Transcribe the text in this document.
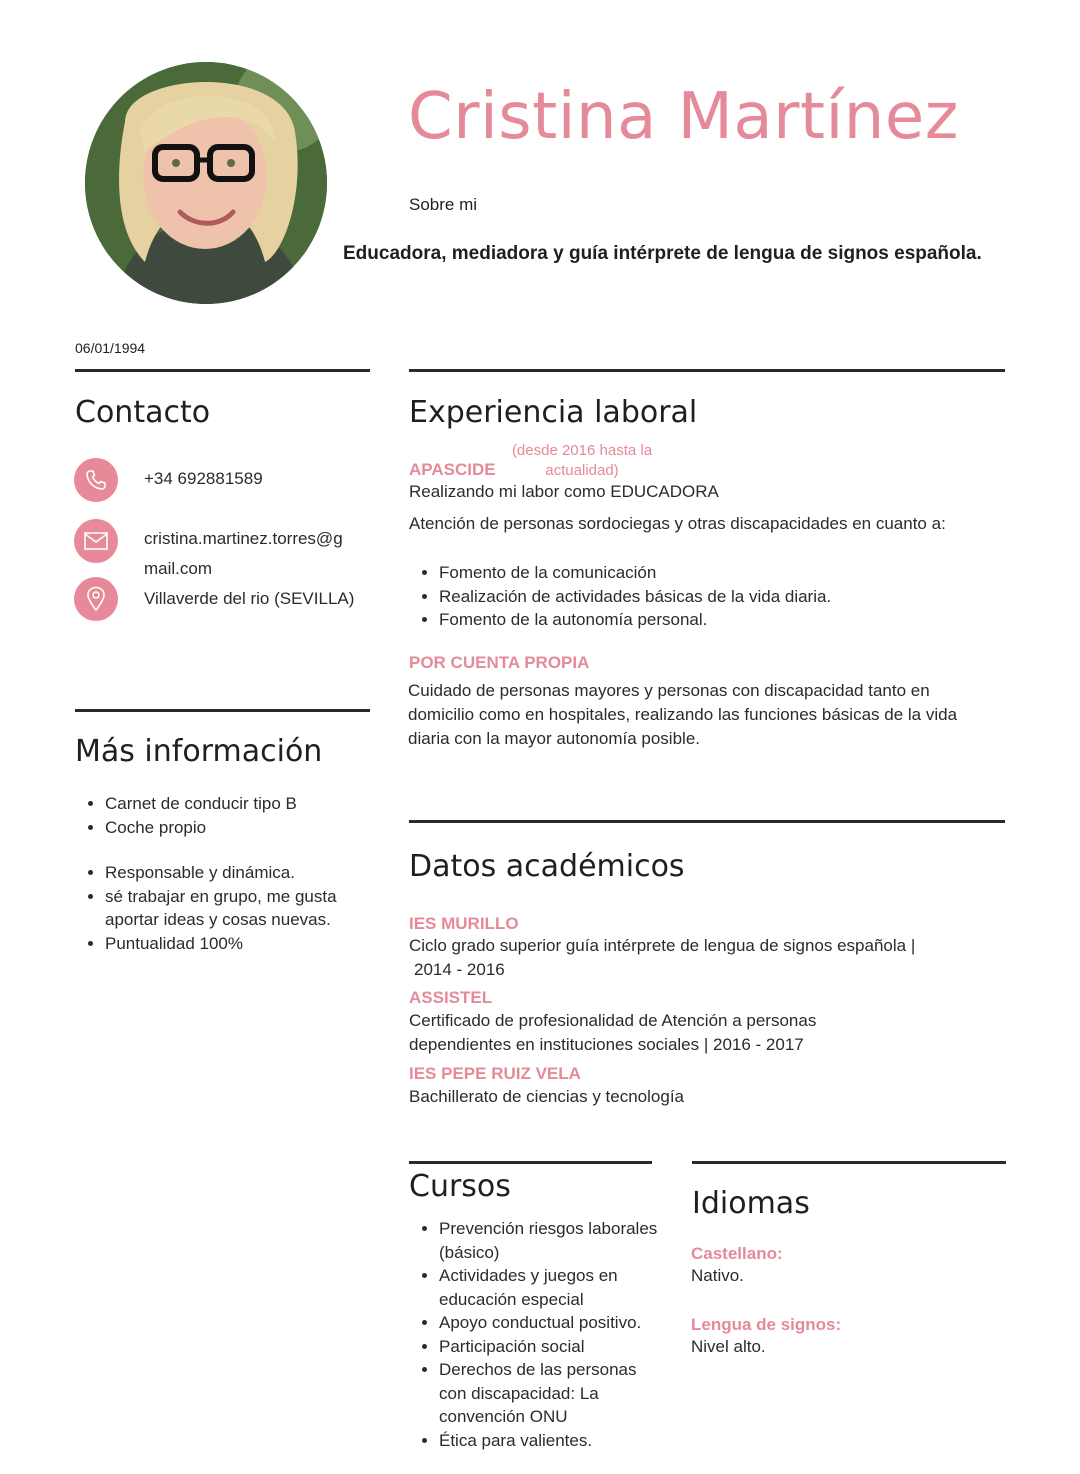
Cristina Martínez
Sobre mi
Educadora, mediadora y guía intérprete de lengua de signos española.
06/01/1994
Contacto
+34 692881589
cristina.martinez.torres@g
mail.com
Villaverde del rio (SEVILLA)
Más información
• Carnet de conducir tipo B
• Coche propio
• Responsable y dinámica.
• sé trabajar en grupo, me gusta aportar ideas y cosas nuevas.
• Puntualidad 100%
Experiencia laboral
(desde 2016 hasta la actualidad)
APASCIDE
Realizando mi labor como EDUCADORA
Atención de personas sordociegas y otras discapacidades en cuanto a:
• Fomento de la comunicación
• Realización de actividades básicas de la vida diaria.
• Fomento de la autonomía personal.
POR CUENTA PROPIA
Cuidado de personas mayores y personas con discapacidad tanto en domicilio como en hospitales, realizando las funciones básicas de la vida diaria con la mayor autonomía posible.
Datos académicos
IES MURILLO
Ciclo grado superior guía intérprete de lengua de signos española |
2014 - 2016
ASSISTEL
Certificado de profesionalidad de Atención a personas
dependientes en instituciones sociales | 2016 - 2017
IES PEPE RUIZ VELA
Bachillerato de ciencias y tecnología
Cursos
• Prevención riesgos laborales (básico)
• Actividades y juegos en educación especial
• Apoyo conductual positivo.
• Participación social
• Derechos de las personas con discapacidad: La convención ONU
• Ética para valientes.
Idiomas
Castellano:
Nativo.
Lengua de signos:
Nivel alto.
